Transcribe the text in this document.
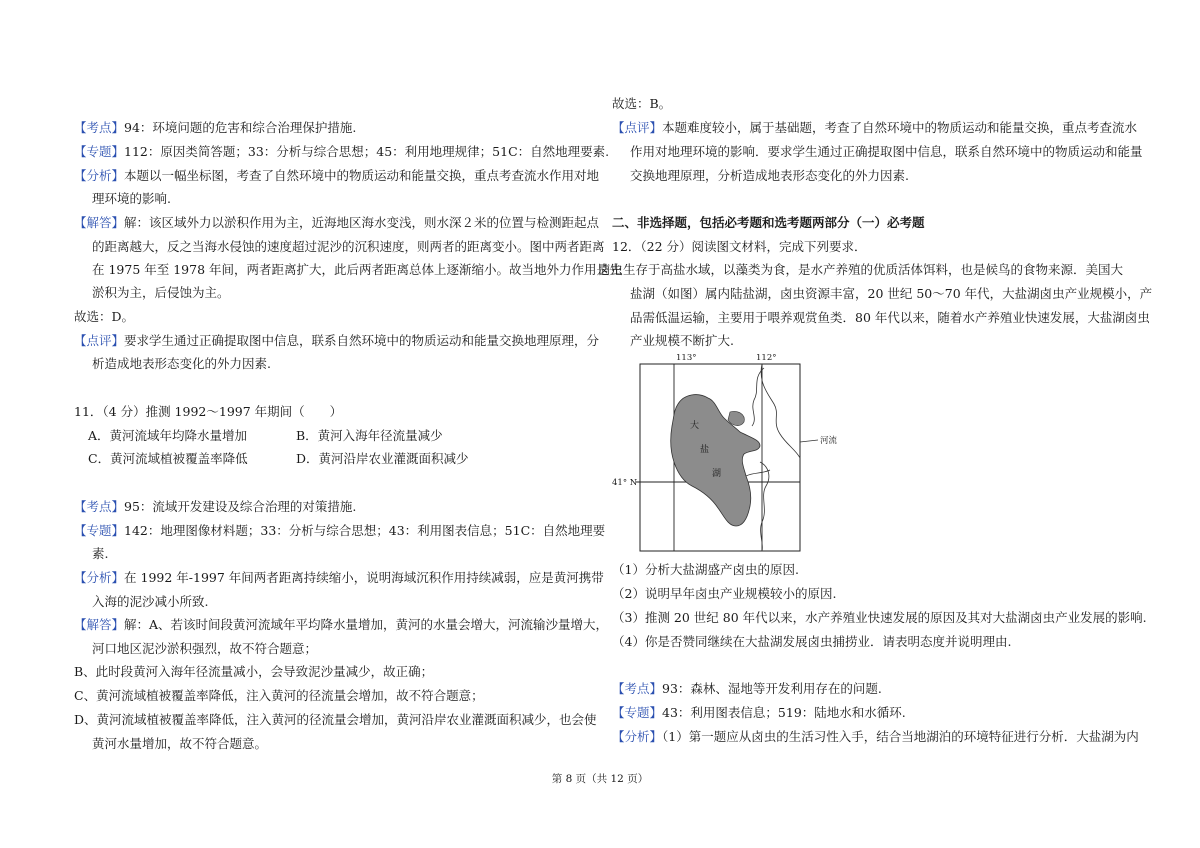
【考点】94：环境问题的危害和综合治理保护措施.
【专题】112：原因类简答题；33：分析与综合思想；45：利用地理规律；51C：自然地理要素.
【分析】本题以一幅坐标图，考查了自然环境中的物质运动和能量交换，重点考查流水作用对地
理环境的影响.
【解答】解：该区域外力以淤积作用为主，近海地区海水变浅，则水深２米的位置与检测距起点
的距离越大，反之当海水侵蚀的速度超过泥沙的沉积速度，则两者的距离变小。图中两者距离
在 1975 年至 1978 年间，两者距离扩大，此后两者距离总体上逐渐缩小。故当地外力作用是先
淤积为主，后侵蚀为主。
故选：D。
【点评】要求学生通过正确提取图中信息，联系自然环境中的物质运动和能量交换地理原理，分
析造成地表形态变化的外力因素.
11．（4 分）推测 1992～1997 年期间（　　）
A．黄河流域年均降水量增加	B．黄河入海年径流量减少
C．黄河流域植被覆盖率降低	D．黄河沿岸农业灌溉面积减少
【考点】95：流域开发建设及综合治理的对策措施.
【专题】142：地理图像材料题；33：分析与综合思想；43：利用图表信息；51C：自然地理要
素.
【分析】在 1992 年‑1997 年间两者距离持续缩小，说明海域沉积作用持续减弱，应是黄河携带
入海的泥沙减小所致.
【解答】解：A、若该时间段黄河流域年平均降水量增加，黄河的水量会增大，河流输沙量增大，
河口地区泥沙淤积强烈，故不符合题意；
B、此时段黄河入海年径流量减小，会导致泥沙量减少，故正确；
C、黄河流域植被覆盖率降低，注入黄河的径流量会增加，故不符合题意；
D、黄河流域植被覆盖率降低，注入黄河的径流量会增加，黄河沿岸农业灌溉面积减少，也会使
黄河水量增加，故不符合题意。
故选：B。
【点评】本题难度较小，属于基础题，考查了自然环境中的物质运动和能量交换，重点考查流水
作用对地理环境的影响．要求学生通过正确提取图中信息，联系自然环境中的物质运动和能量
交换地理原理，分析造成地表形态变化的外力因素.
二、非选择题，包括必考题和选考题两部分（一）必考题
12．（22 分）阅读图文材料，完成下列要求．
卤虫生存于高盐水域，以藻类为食，是水产养殖的优质活体饵料，也是候鸟的食物来源．美国大
盐湖（如图）属内陆盐湖，卤虫资源丰富，20 世纪 50～70 年代，大盐湖卤虫产业规模小，产
品需低温运输，主要用于喂养观赏鱼类．80 年代以来，随着水产养殖业快速发展，大盐湖卤虫
产业规模不断扩大.
（1）分析大盐湖盛产卤虫的原因.
（2）说明早年卤虫产业规模较小的原因.
（3）推测 20 世纪 80 年代以来，水产养殖业快速发展的原因及其对大盐湖卤虫产业发展的影响.
（4）你是否赞同继续在大盐湖发展卤虫捕捞业．请表明态度并说明理由.
【考点】93：森林、湿地等开发利用存在的问题.
【专题】43：利用图表信息；519：陆地水和水循环.
【分析】（1）第一题应从卤虫的生活习性入手，结合当地湖泊的环境特征进行分析．大盐湖为内
113°	112°
41° N
大
盐
湖
河流
第 8 页（共 12 页）
